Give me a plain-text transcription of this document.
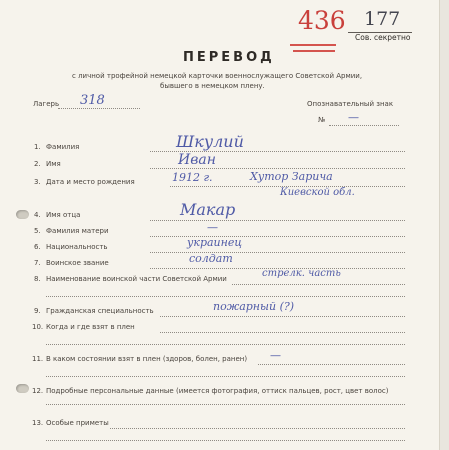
436 177
Сов. секретно
ПЕРЕВОД
с личной трофейной немецкой карточки военнослужащего Советской Армии,
бывшего в немецком плену.
Лагерь 318	Опознавательный знак
№ —
1. Фамилия	Шкулий
2. Имя	Иван
3. Дата и место рождения	1912 г.	Хутор Зарича
Киевской обл.
4. Имя отца	Макар
5. Фамилия матери	—
6. Национальность	украинец
7. Воинское звание	солдат
8. Наименование воинской части Советской Армии	стрелк. часть
9. Гражданская специальность	пожарный (?)
10. Когда и где взят в плен
11. В каком состоянии взят в плен (здоров, болен, ранен) —
12. Подробные персональные данные (имеется фотография, оттиск пальцев, рост, цвет волос)
13. Особые приметы
